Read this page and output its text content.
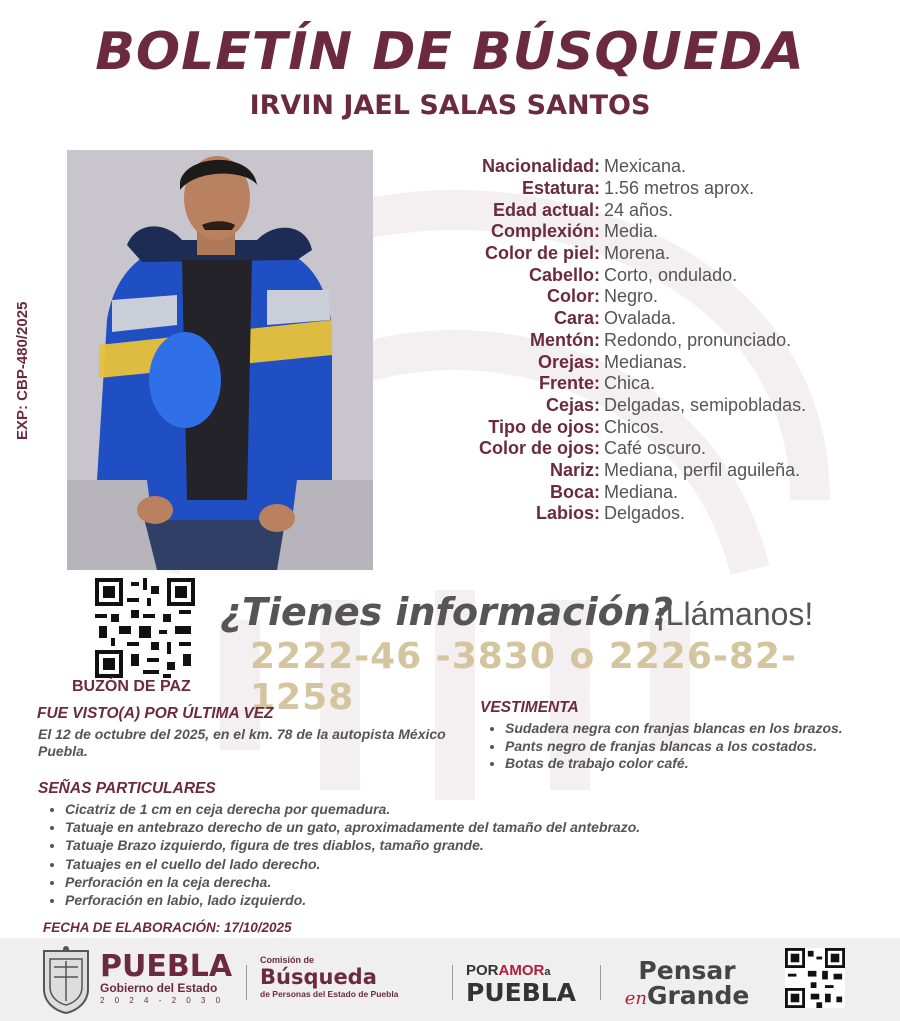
BOLETÍN DE BÚSQUEDA
IRVIN JAEL SALAS SANTOS
EXP: CBP-480/2025
Nacionalidad: Mexicana.
Estatura: 1.56 metros aprox.
Edad actual: 24 años.
Complexión: Media.
Color de piel: Morena.
Cabello: Corto, ondulado.
Color: Negro.
Cara: Ovalada.
Mentón: Redondo, pronunciado.
Orejas: Medianas.
Frente: Chica.
Cejas: Delgadas, semipobladas.
Tipo de ojos: Chicos.
Color de ojos: Café oscuro.
Nariz: Mediana, perfil aguileña.
Boca: Mediana.
Labios: Delgados.
BUZÓN DE PAZ
¿Tienes información?
¡Llámanos!
2222-46 -3830 o 2226-82-1258
FUE VISTO(A) POR ÚLTIMA VEZ
El 12 de octubre del 2025, en el km. 78 de la autopista México Puebla.
VESTIMENTA
• Sudadera negra con franjas blancas en los brazos.
• Pants negro de franjas blancas a los costados.
• Botas de trabajo color café.
SEÑAS PARTICULARES
• Cicatriz de 1 cm en ceja derecha por quemadura.
• Tatuaje en antebrazo derecho de un gato, aproximadamente del tamaño del antebrazo.
• Tatuaje Brazo izquierdo, figura de tres diablos, tamaño grande.
• Tatuajes en el cuello del lado derecho.
• Perforación en la ceja derecha.
• Perforación en labio, lado izquierdo.
FECHA DE ELABORACIÓN: 17/10/2025
PUEBLA
Gobierno del Estado
2 0 2 4 - 2 0 3 0
Comisión de
Búsqueda
de Personas del Estado de Puebla
PORAMORa
PUEBLA
Pensar
enGrande
